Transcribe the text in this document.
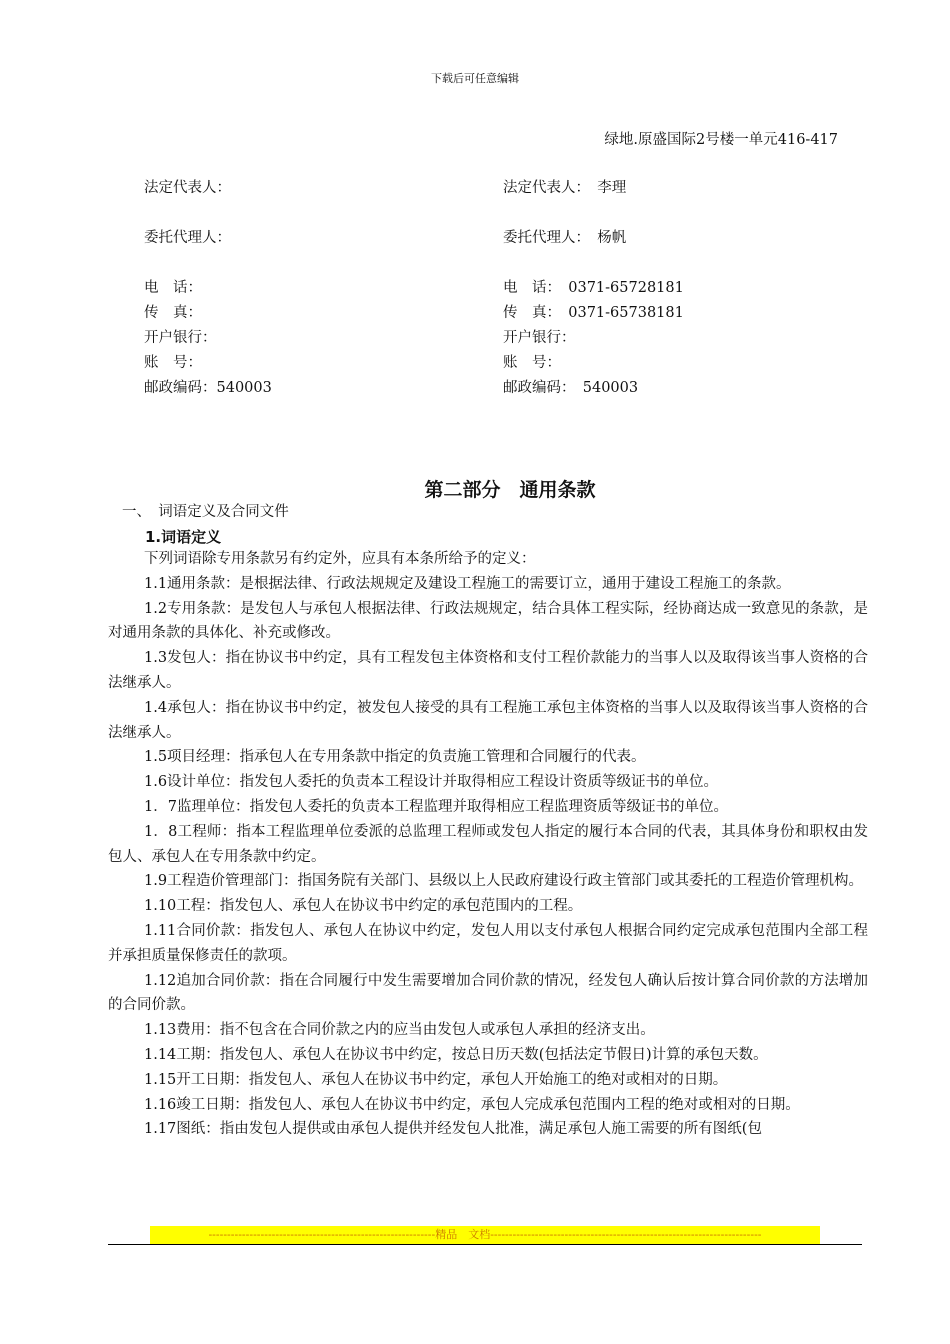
下载后可任意编辑
绿地.原盛国际2号楼一单元416-417
法定代表人：	法定代表人：　李理
委托代理人：	委托代理人：　杨帆
电　话：	电　话：　0371-65728181
传　真：	传　真：　0371-65738181
开户银行：	开户银行：
账　号：	账　号：
邮政编码：540003	邮政编码：　540003
第二部分　通用条款
一、　词语定义及合同文件
1.词语定义

下列词语除专用条款另有约定外，应具有本条所给予的定义：

1.1通用条款：是根据法律、行政法规规定及建设工程施工的需要订立，通用于建设工程施工的条款。

1.2专用条款：是发包人与承包人根据法律、行政法规规定，结合具体工程实际，经协商达成一致意见的条款，是对通用条款的具体化、补充或修改。

1.3发包人：指在协议书中约定，具有工程发包主体资格和支付工程价款能力的当事人以及取得该当事人资格的合法继承人。

1.4承包人：指在协议书中约定，被发包人接受的具有工程施工承包主体资格的当事人以及取得该当事人资格的合法继承人。

1.5项目经理：指承包人在专用条款中指定的负责施工管理和合同履行的代表。

1.6设计单位：指发包人委托的负责本工程设计并取得相应工程设计资质等级证书的单位。

1．7监理单位：指发包人委托的负责本工程监理并取得相应工程监理资质等级证书的单位。

1．8工程师：指本工程监理单位委派的总监理工程师或发包人指定的履行本合同的代表，其具体身份和职权由发包人、承包人在专用条款中约定。

1.9工程造价管理部门：指国务院有关部门、县级以上人民政府建设行政主管部门或其委托的工程造价管理机构。

1.10工程：指发包人、承包人在协议书中约定的承包范围内的工程。

1.11合同价款：指发包人、承包人在协议中约定，发包人用以支付承包人根据合同约定完成承包范围内全部工程并承担质量保修责任的款项。

1.12追加合同价款：指在合同履行中发生需要增加合同价款的情况，经发包人确认后按计算合同价款的方法增加的合同价款。

1.13费用：指不包含在合同价款之内的应当由发包人或承包人承担的经济支出。

1.14工期：指发包人、承包人在协议书中约定，按总日历天数(包括法定节假日)计算的承包天数。

1.15开工日期：指发包人、承包人在协议书中约定，承包人开始施工的绝对或相对的日期。

1.16竣工日期：指发包人、承包人在协议书中约定，承包人完成承包范围内工程的绝对或相对的日期。

1.17图纸：指由发包人提供或由承包人提供并经发包人批准，满足承包人施工需要的所有图纸(包

-------------------------------------------------------------精品　文档-------------------------------------------------------------------------
